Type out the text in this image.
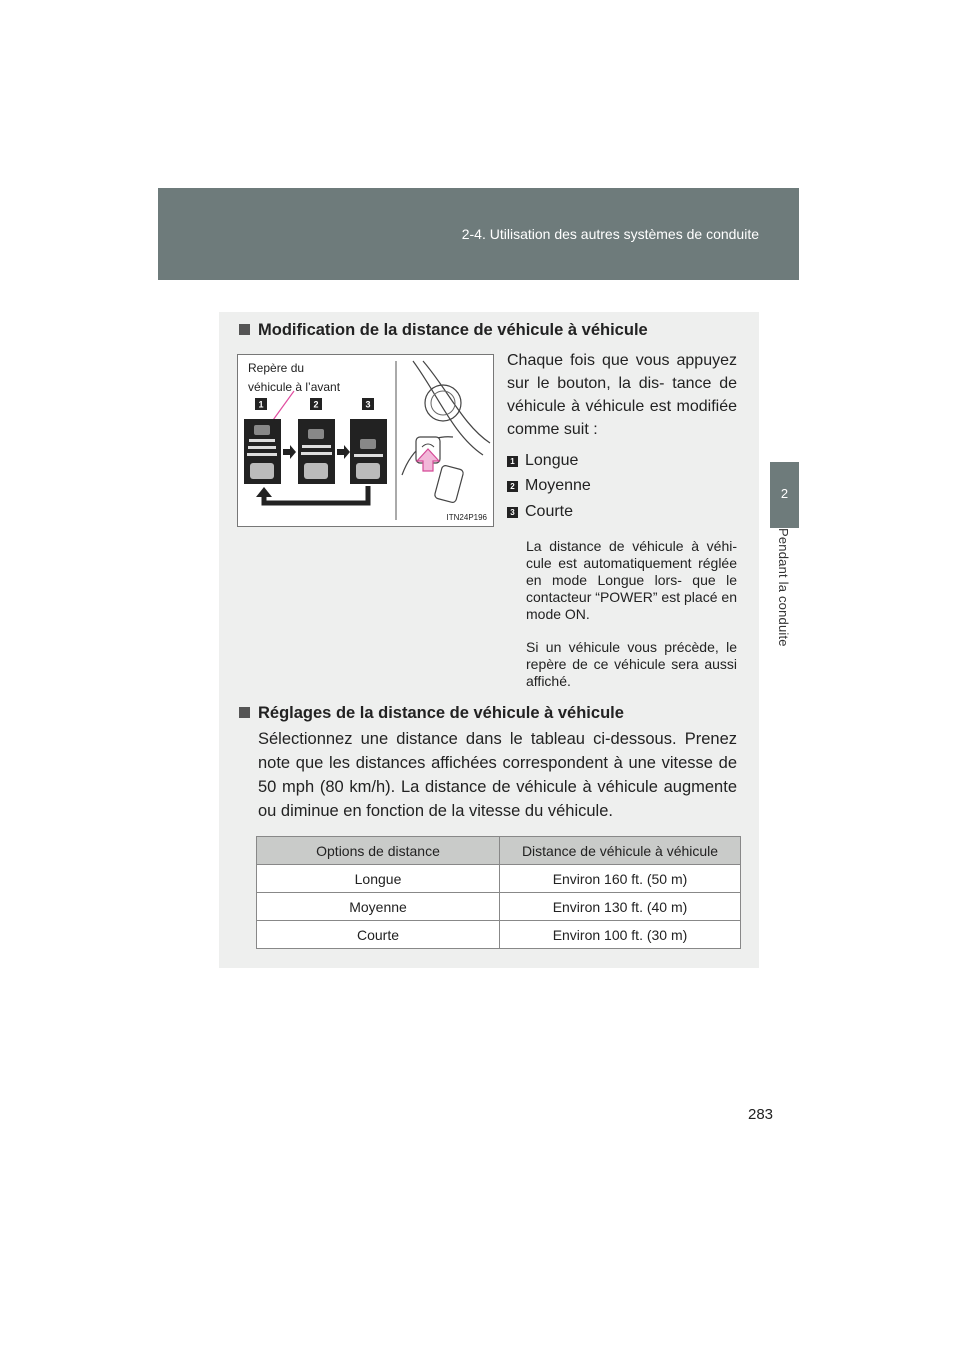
2-4. Utilisation des autres systèmes de conduite
2
Pendant la conduite
Modification de la distance de véhicule à véhicule
Repère du
véhicule à l’avant
1	2	3
ITN24P196
Chaque fois que vous appuyez sur le bouton, la dis- tance de véhicule à véhicule est modifiée comme suit :
1 Longue
2 Moyenne
3 Courte
La distance de véhicule à véhi- cule est automatiquement réglée en mode Longue lors- que le contacteur “POWER” est placé en mode ON.
Si un véhicule vous précède, le repère de ce véhicule sera aussi affiché.
Réglages de la distance de véhicule à véhicule
Sélectionnez une distance dans le tableau ci-dessous. Prenez note que les distances affichées correspondent à une vitesse de 50 mph (80 km/h). La distance de véhicule à véhicule augmente ou diminue en fonction de la vitesse du véhicule.
Options de distance	Distance de véhicule à véhicule
Longue	Environ 160 ft. (50 m)
Moyenne	Environ 130 ft. (40 m)
Courte	Environ 100 ft. (30 m)
283
